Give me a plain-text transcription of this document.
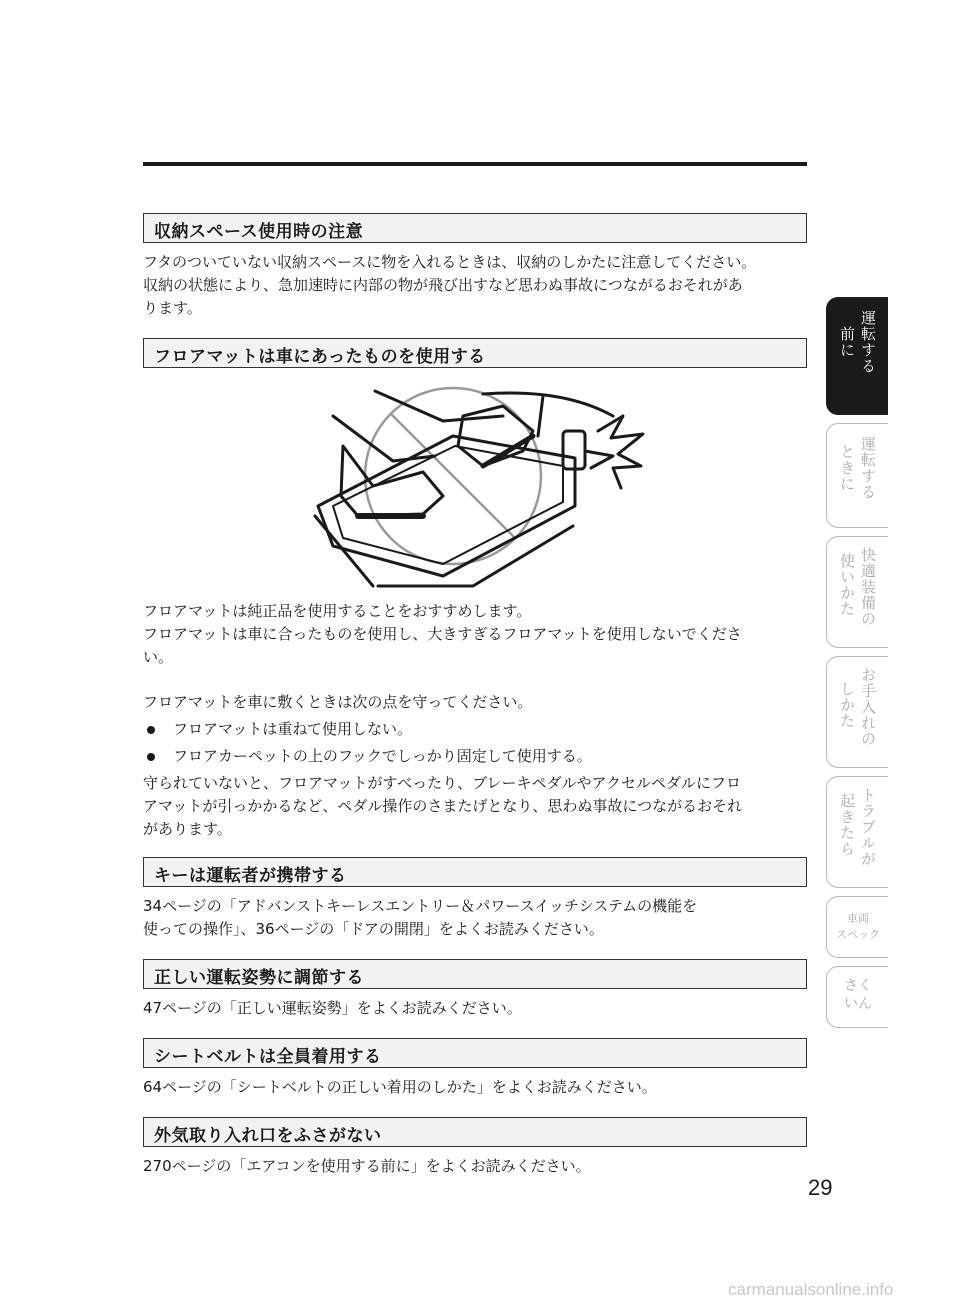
収納スペース使用時の注意

フタのついていない収納スペースに物を入れるときは、収納のしかたに注意してください。

収納の状態により、急加速時に内部の物が飛び出すなど思わぬ事故につながるおそれがあ

ります。

フロアマットは車にあったものを使用する

フロアマットは純正品を使用することをおすすめします。

フロアマットは車に合ったものを使用し、大きすぎるフロアマットを使用しないでくださ

い。

フロアマットを車に敷くときは次の点を守ってください。

フロアマットは重ねて使用しない。
フロアカーペットの上のフックでしっかり固定して使用する。

守られていないと、フロアマットがすべったり、ブレーキペダルやアクセルペダルにフロ

アマットが引っかかるなど、ペダル操作のさまたげとなり、思わぬ事故につながるおそれ

があります。

キーは運転者が携帯する

34ページの「アドバンストキーレスエントリー＆パワースイッチシステムの機能を

使っての操作」、36ページの「ドアの開閉」をよくお読みください。

正しい運転姿勢に調節する

47ページの「正しい運転姿勢」をよくお読みください。

シートベルトは全員着用する

64ページの「シートベルトの正しい着用のしかた」をよくお読みください。

外気取り入れ口をふさがない

270ページの「エアコンを使用する前に」をよくお読みください。

運転する
前に
運転する
ときに
快適装備の
使いかた
お手入れの
しかた
トラブルが
起きたら
車両
スペック
さく
いん
29
carmanualsonline.info
